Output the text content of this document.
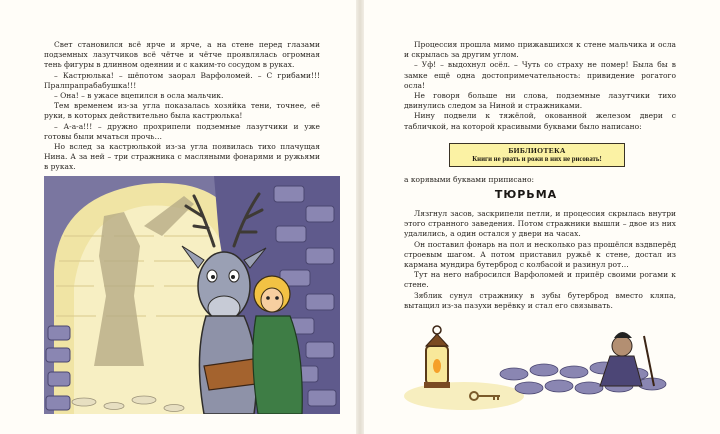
Свет становился всё ярче и ярче, а на стене перед глазами подземных лазутчиков всё чётче и чётче проявлялась огромная тень фигуры в длинном одеянии и с каким-то сосудом в руках.

– Кастрюлька! – шёпотом заорал Варфоломей. – С грибами!!! Пралпрапрабабушка!!!

– Она! – в ужасе вцепился в осла мальчик.

Тем временем из-за угла показалась хозяйка тени, точнее, её руки, в которых действительно была кастрюлька!

– А-а-а!!! – дружно прохрипели подземные лазутчики и уже готовы были мчаться прочь…

Но вслед за кастрюлькой из-за угла появилась тихо плачущая Нина. А за ней – три стражника с масляными фонарями и ружьями в руках.

Процессия прошла мимо прижавшихся к стене мальчика и осла и скрылась за другим углом.

– Уф! – выдохнул осёл. – Чуть со страху не помер! Была бы в замке ещё одна достопримечательность: привидение рогатого осла!

Не говоря больше ни слова, подземные лазутчики тихо двинулись следом за Ниной и стражниками.

Нину подвели к тяжёлой, окованной железом двери с табличкой, на которой красивыми буквами было написано:

БИБЛИОТЕКА
Книги не рвать и рожи в них не рисовать!

а корявыми буквами приписано:

ТЮРЬМА

Лязгнул засов, заскрипели петли, и процессия скрылась внутри этого странного заведения. Потом стражники вышли – двое из них удалились, а один остался у двери на часах.

Он поставил фонарь на пол и несколько раз прошёлся вздвперёд строевым шагом. А потом приставил ружьё к стене, достал из кармана мундира бутерброд с колбасой и разинул рот…

Тут на него набросился Варфоломей и припёр своими рогами к стене.

Зяблик сунул стражнику в зубы бутерброд вместо кляпа, вытащил из-за пазухи верёвку и стал его связывать.
